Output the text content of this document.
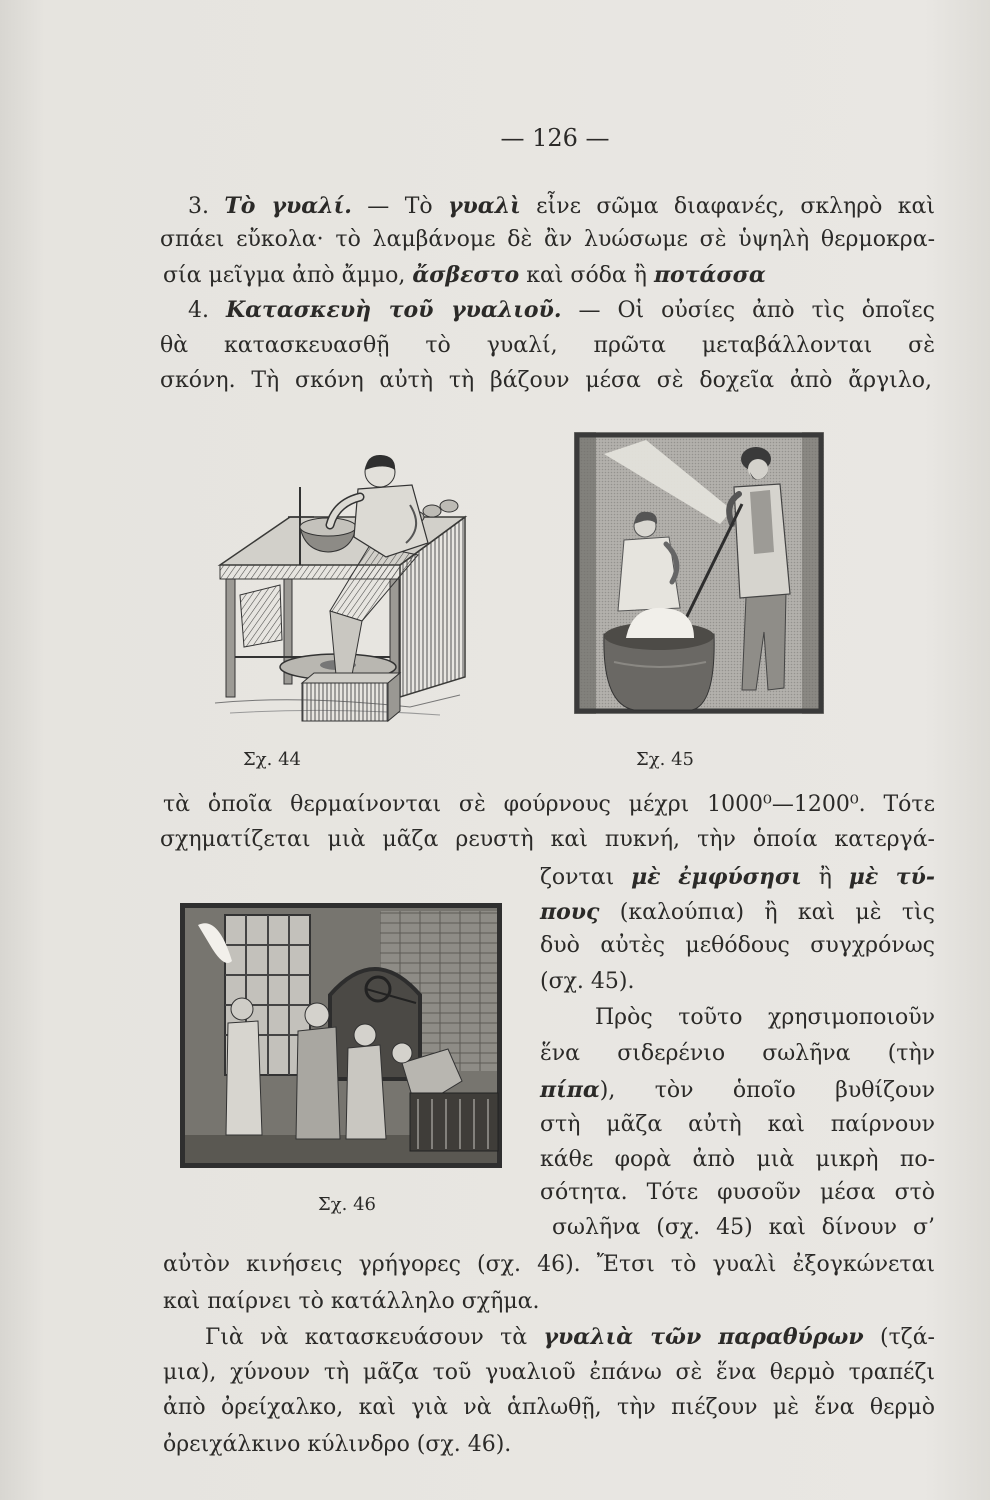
— 126 —
3. Τὸ γυαλί. — Τὸ γυαλὶ εἶνε σῶμα διαφανές, σκληρὸ καὶ
σπάει εὔκολα· τὸ λαμβάνομε δὲ ἂν λυώσωμε σὲ ὑψηλὴ θερμοκρα-
σία μεῖγμα ἀπὸ ἄμμο, ἄσβεστο καὶ σόδα ἢ ποτάσσα
4. Κατασκευὴ τοῦ γυαλιοῦ. — Οἱ οὐσίες ἀπὸ τὶς ὁποῖες
θὰ κατασκευασθῇ τὸ γυαλί, πρῶτα μεταβάλλονται σὲ
σκόνη. Τὴ σκόνη αὐτὴ τὴ βάζουν μέσα σὲ δοχεῖα ἀπὸ ἄργιλο,
Σχ. 44	Σχ. 45
τὰ ὁποῖα θερμαίνονται σὲ φούρνους μέχρι 1000⁰—1200⁰. Τότε
σχηματίζεται μιὰ μᾶζα ρευστὴ καὶ πυκνή, τὴν ὁποία κατεργά-
ζονται μὲ ἐμφύσησι ἢ μὲ τύ-
πους (καλούπια) ἢ καὶ μὲ τὶς
δυὸ αὐτὲς μεθόδους συγχρόνως
(σχ. 45).
Σχ. 46
Πρὸς τοῦτο χρησιμοποιοῦν
ἕνα σιδερένιο σωλῆνα (τὴν
πίπα), τὸν ὁποῖο βυθίζουν
στὴ μᾶζα αὐτὴ καὶ παίρνουν
κάθε φορὰ ἀπὸ μιὰ μικρὴ πο-
σότητα. Τότε φυσοῦν μέσα στὸ
σωλῆνα (σχ. 45) καὶ δίνουν σ’
αὐτὸν κινήσεις γρήγορες (σχ. 46). Ἔτσι τὸ γυαλὶ ἐξογκώνεται
καὶ παίρνει τὸ κατάλληλο σχῆμα.
Γιὰ νὰ κατασκευάσουν τὰ γυαλιὰ τῶν παραθύρων (τζά-
μια), χύνουν τὴ μᾶζα τοῦ γυαλιοῦ ἐπάνω σὲ ἕνα θερμὸ τραπέζι
ἀπὸ ὀρείχαλκο, καὶ γιὰ νὰ ἁπλωθῇ, τὴν πιέζουν μὲ ἕνα θερμὸ
ὀρειχάλκινο κύλινδρο (σχ. 46).
